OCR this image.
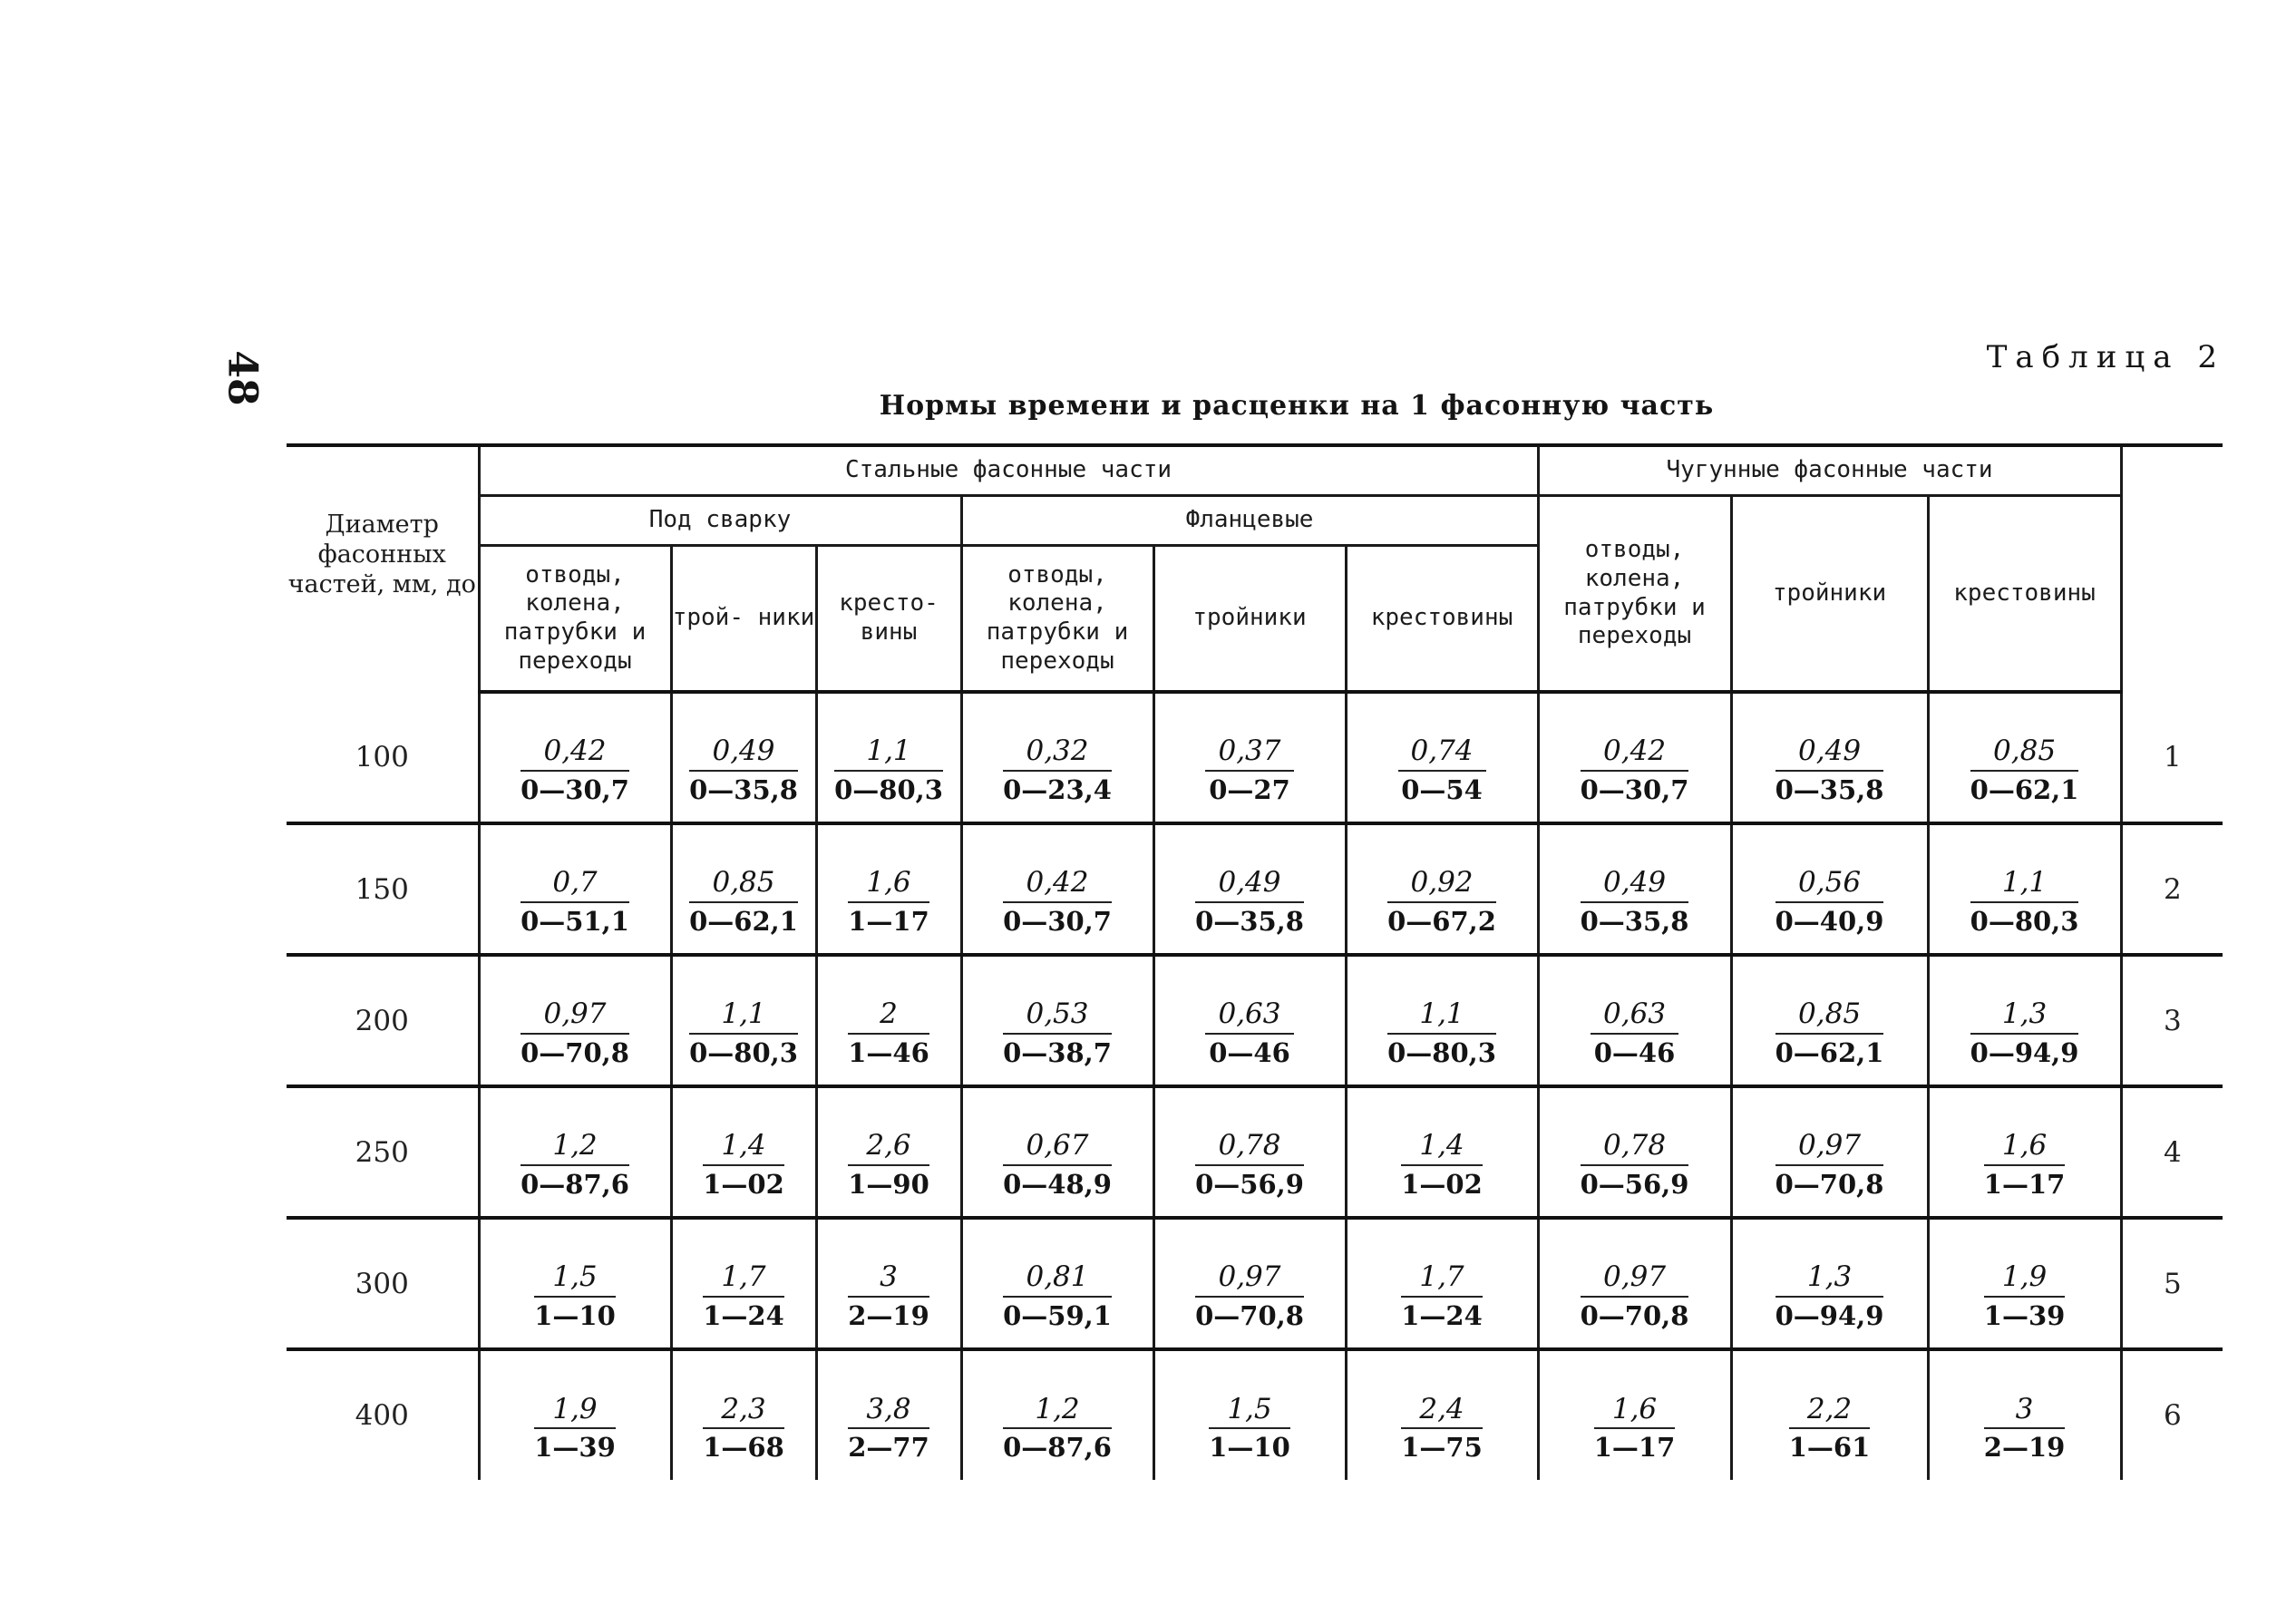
48	Таблица 2
Нормы времени и расценки на 1 фасонную часть
Диаметр фасонных частей, мм, до	Стальные фасонные части						Чугунные фасонные части			
	Под сварку			Фланцевые			отводы, колена, патрубки и переходы	тройники	крестовины	
	отводы, колена, патрубки и переходы	трой- ники	кресто- вины	отводы, колена, патрубки и переходы	тройники	крестовины				
100	$\frac{0,42}{0—30,7}$	$\frac{0,49}{0—35,8}$	$\frac{1,1}{0—80,3}$	$\frac{0,32}{0—23,4}$	$\frac{0,37}{0—27}$	$\frac{0,74}{0—54}$	$\frac{0,42}{0—30,7}$	$\frac{0,49}{0—35,8}$	$\frac{0,85}{0—62,1}$	1
150	$\frac{0,7}{0—51,1}$	$\frac{0,85}{0—62,1}$	$\frac{1,6}{1—17}$	$\frac{0,42}{0—30,7}$	$\frac{0,49}{0—35,8}$	$\frac{0,92}{0—67,2}$	$\frac{0,49}{0—35,8}$	$\frac{0,56}{0—40,9}$	$\frac{1,1}{0—80,3}$	2
200	$\frac{0,97}{0—70,8}$	$\frac{1,1}{0—80,3}$	$\frac{2}{1—46}$	$\frac{0,53}{0—38,7}$	$\frac{0,63}{0—46}$	$\frac{1,1}{0—80,3}$	$\frac{0,63}{0—46}$	$\frac{0,85}{0—62,1}$	$\frac{1,3}{0—94,9}$	3
250	$\frac{1,2}{0—87,6}$	$\frac{1,4}{1—02}$	$\frac{2,6}{1—90}$	$\frac{0,67}{0—48,9}$	$\frac{0,78}{0—56,9}$	$\frac{1,4}{1—02}$	$\frac{0,78}{0—56,9}$	$\frac{0,97}{0—70,8}$	$\frac{1,6}{1—17}$	4
300	$\frac{1,5}{1—10}$	$\frac{1,7}{1—24}$	$\frac{3}{2—19}$	$\frac{0,81}{0—59,1}$	$\frac{0,97}{0—70,8}$	$\frac{1,7}{1—24}$	$\frac{0,97}{0—70,8}$	$\frac{1,3}{0—94,9}$	$\frac{1,9}{1—39}$	5
400	$\frac{1,9}{1—39}$	$\frac{2,3}{1—68}$	$\frac{3,8}{2—77}$	$\frac{1,2}{0—87,6}$	$\frac{1,5}{1—10}$	$\frac{2,4}{1—75}$	$\frac{1,6}{1—17}$	$\frac{2,2}{1—61}$	$\frac{3}{2—19}$	6
